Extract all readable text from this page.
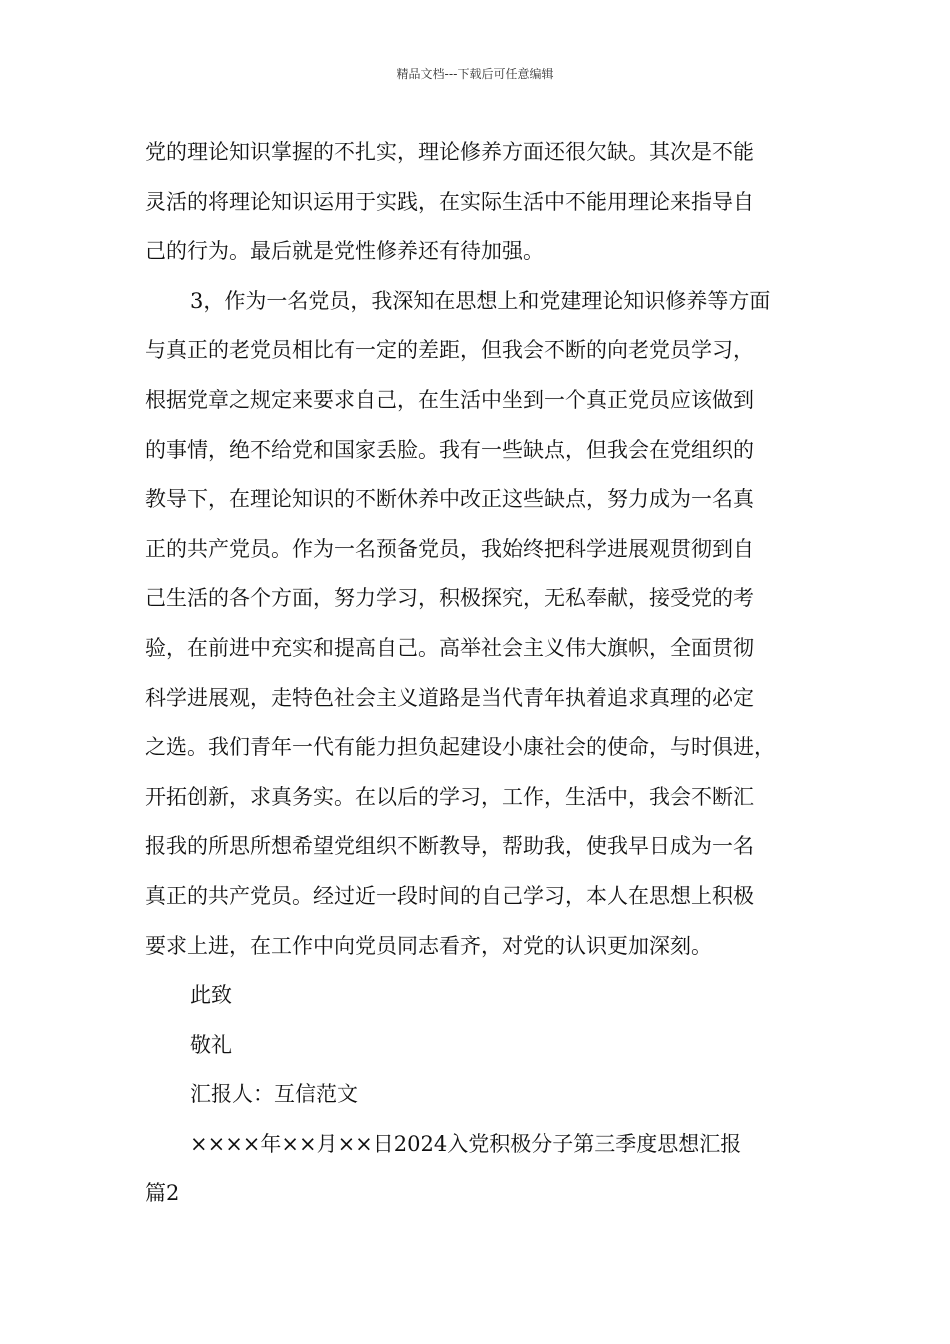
精品文档---下载后可任意编辑

党的理论知识掌握的不扎实，理论修养方面还很欠缺。其次是不能
灵活的将理论知识运用于实践，在实际生活中不能用理论来指导自
己的行为。最后就是党性修养还有待加强。

3，作为一名党员，我深知在思想上和党建理论知识修养等方面
与真正的老党员相比有一定的差距，但我会不断的向老党员学习，
根据党章之规定来要求自己，在生活中坐到一个真正党员应该做到
的事情，绝不给党和国家丢脸。我有一些缺点，但我会在党组织的
教导下，在理论知识的不断休养中改正这些缺点，努力成为一名真
正的共产党员。作为一名预备党员，我始终把科学进展观贯彻到自
己生活的各个方面，努力学习，积极探究，无私奉献，接受党的考
验，在前进中充实和提高自己。高举社会主义伟大旗帜，全面贯彻
科学进展观，走特色社会主义道路是当代青年执着追求真理的必定
之选。我们青年一代有能力担负起建设小康社会的使命，与时俱进，
开拓创新，求真务实。在以后的学习，工作，生活中，我会不断汇
报我的所思所想希望党组织不断教导，帮助我，使我早日成为一名
真正的共产党员。经过近一段时间的自己学习，本人在思想上积极
要求上进，在工作中向党员同志看齐，对党的认识更加深刻。

此致

敬礼

汇报人：互信范文

××××年××月××日2024入党积极分子第三季度思想汇报
篇2
